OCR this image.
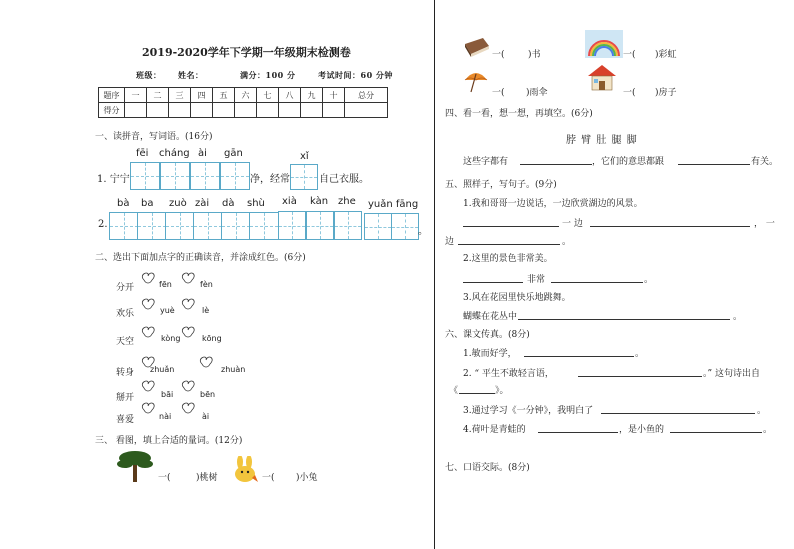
2019-2020学年下学期一年级期末检测卷
班级： 姓名：	满分：100 分	考试时间：60 分钟
题序	一	二	三	四	五	六	七	八	九	十	总分
得分											
一、读拼音，写词语。(16分)
fēi cháng ài gān	xǐ
1. 宁宁	净，经常	自己衣服。
bà ba zuò zài dà shù xià kàn zhe yuǎn fāng
2.
。
二、选出下面加点字的正确读音，并涂成红色。(6分)
分开	fēn	fèn
欢乐	yuè	lè
天空	kòng	kōng
转身 zhuǎn	zhuàn
掰开	bāi	bēn
喜爱	nài	ài
三、 看图，填上合适的量词。(12分)
一(	)桃树	一( )小兔
一(	)书	一( )彩虹
一( )雨伞	一( )房子
四、看一看，想一想，再填空。(6分)
脖 臂 肚 腿 脚
这些字都有	，它们的意思都跟	有关。
五、照样子，写句子。(9分)
1.我和哥哥一边说话，一边欣赏湖边的风景。
一 边	， 一
边	。
2.这里的景色非常美。
非常	。
3.风在花园里快乐地跳舞。
蝴蝶在花丛中	。
六、课文传真。(8分)
1.敏而好学，	。
2. “ 平生不敢轻言语，	。” 这句诗出自
《	》。
3.通过学习《一分钟》，我明白了	。
4.荷叶是青蛙的	，是小鱼的	。
七、口语交际。(8分)
